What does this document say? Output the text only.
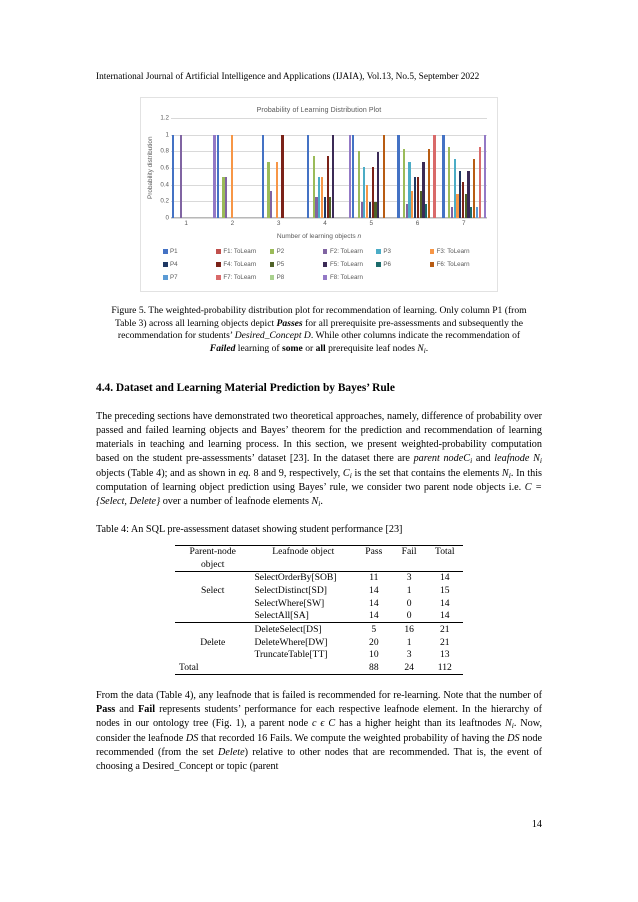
International Journal of Artificial Intelligence and Applications (IJAIA), Vol.13, No.5, September 2022
Probability of Learning Distribution Plot
Probability distribution
0
0.2
0.4
0.6
0.8
1
1.2
1	2	3	4	5	6	7
Number of learning objects n
P1	F1: ToLearn	P2	F2: ToLearn	P3	F3: ToLearn
P4	F4: ToLearn	P5	F5: ToLearn	P6	F6: ToLearn
P7	F7: ToLearn	P8	F8: ToLearn
Figure 5. The weighted-probability distribution plot for recommendation of learning. Only column P1 (from Table 3) across all learning objects depict Passes for all prerequisite pre-assessments and subsequently the recommendation for students’ Desired_Concept D. While other columns indicate the recommendation of Failed learning of some or all prerequisite leaf nodes $N_i$.
4.4. Dataset and Learning Material Prediction by Bayes’ Rule

The preceding sections have demonstrated two theoretical approaches, namely, difference of probability over passed and failed learning objects and Bayes’ theorem for the prediction and recommendation of learning materials in teaching and learning process. In this section, we present weighted-probability computation based on the student pre-assessments’ dataset [23]. In the dataset there are parent nodeC$_i$ and leafnode $N_i$ objects (Table 4); and as shown in eq. 8 and 9, respectively, $C_i$ is the set that contains the elements $N_i$. In this computation of learning object prediction using Bayes’ rule, we consider two parent node objects i.e. C = {Select, Delete} over a number of leafnode elements $N_i$.

Table 4: An SQL pre-assessment dataset showing student performance [23]
Parent-node	Leafnode object	Pass	Fail	Total
object				
	SelectOrderBy[SOB]	11	3	14
Select	SelectDistinct[SD]	14	1	15
	SelectWhere[SW]	14	0	14
	SelectAll[SA]	14	0	14
	DeleteSelect[DS]	5	16	21
Delete	DeleteWhere[DW]	20	1	21
	TruncateTable[TT]	10	3	13
Total		88	24	112

From the data (Table 4), any leafnode that is failed is recommended for re-learning. Note that the number of Pass and Fail represents students’ performance for each respective leafnode element. In the hierarchy of nodes in our ontology tree (Fig. 1), a parent node c ϵ C has a higher height than its leaftnodes $N_i$. Now, consider the leafnode DS that recorded 16 Fails. We compute the weighted probability of having the DS node recommended (from the set Delete) relative to other nodes that are recommended. That is, the event of choosing a Desired_Concept or topic (parent

14
